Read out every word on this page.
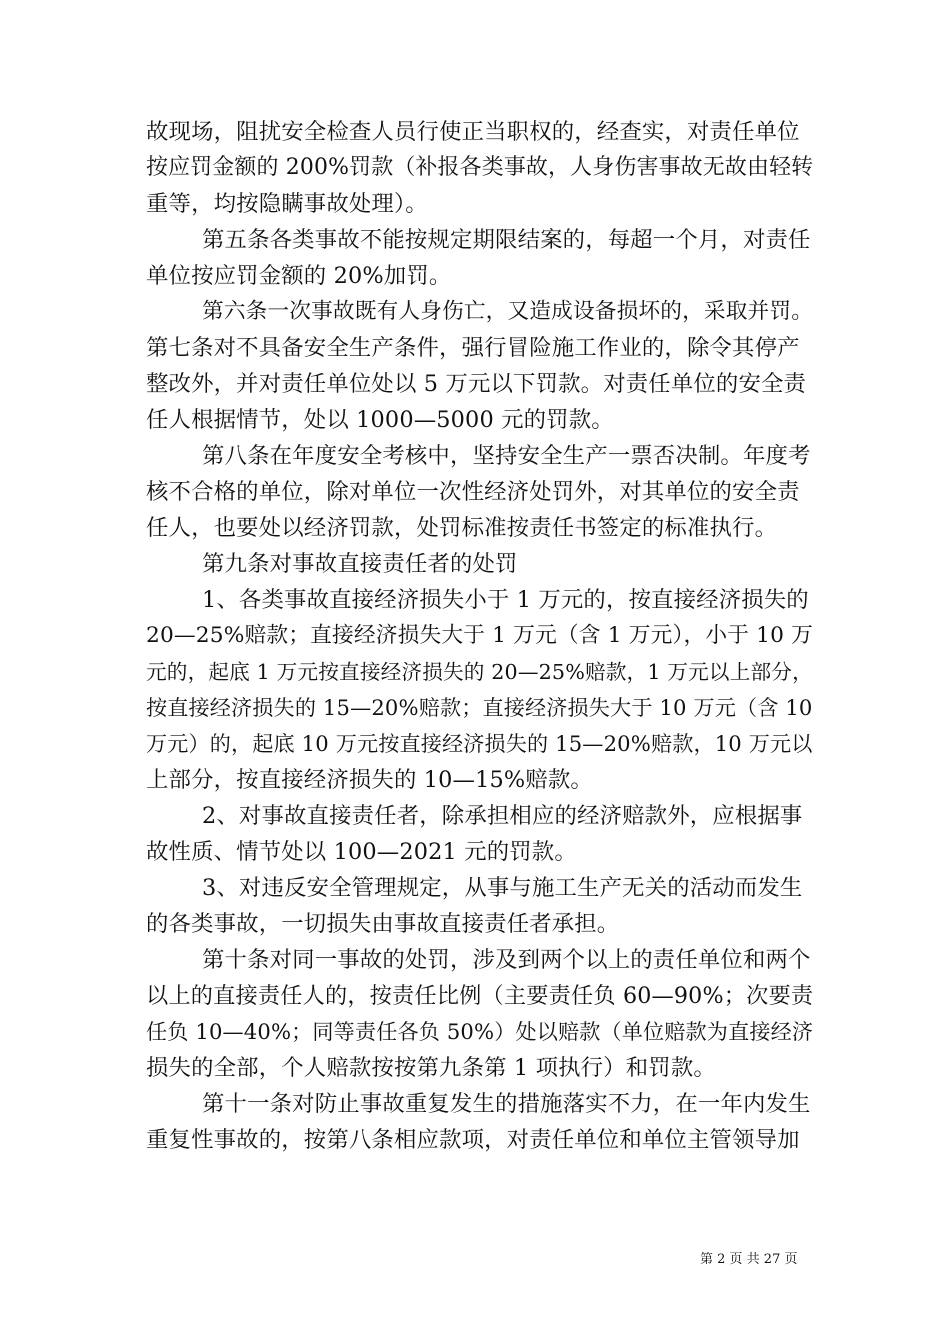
故现场，阻扰安全检查人员行使正当职权的，经查实，对责任单位
按应罚金额的 200%罚款（补报各类事故，人身伤害事故无故由轻转
重等，均按隐瞒事故处理）。
第五条各类事故不能按规定期限结案的，每超一个月，对责任
单位按应罚金额的 20%加罚。
第六条一次事故既有人身伤亡，又造成设备损坏的，采取并罚。
第七条对不具备安全生产条件，强行冒险施工作业的，除令其停产
整改外，并对责任单位处以 5 万元以下罚款。对责任单位的安全责
任人根据情节，处以 1000—5000 元的罚款。
第八条在年度安全考核中，坚持安全生产一票否决制。年度考
核不合格的单位，除对单位一次性经济处罚外，对其单位的安全责
任人，也要处以经济罚款，处罚标准按责任书签定的标准执行。
第九条对事故直接责任者的处罚
1、各类事故直接经济损失小于 1 万元的，按直接经济损失的
20—25%赔款；直接经济损失大于 1 万元（含 1 万元），小于 10 万
元的，起底 1 万元按直接经济损失的 20—25%赔款，1 万元以上部分，
按直接经济损失的 15—20%赔款；直接经济损失大于 10 万元（含 10
万元）的，起底 10 万元按直接经济损失的 15—20%赔款，10 万元以
上部分，按直接经济损失的 10—15%赔款。
2、对事故直接责任者，除承担相应的经济赔款外，应根据事
故性质、情节处以 100—2021 元的罚款。
3、对违反安全管理规定，从事与施工生产无关的活动而发生
的各类事故，一切损失由事故直接责任者承担。
第十条对同一事故的处罚，涉及到两个以上的责任单位和两个
以上的直接责任人的，按责任比例（主要责任负 60—90%；次要责
任负 10—40%；同等责任各负 50%）处以赔款（单位赔款为直接经济
损失的全部，个人赔款按按第九条第 1 项执行）和罚款。
第十一条对防止事故重复发生的措施落实不力，在一年内发生
重复性事故的，按第八条相应款项，对责任单位和单位主管领导加
第 2 页 共 27 页
